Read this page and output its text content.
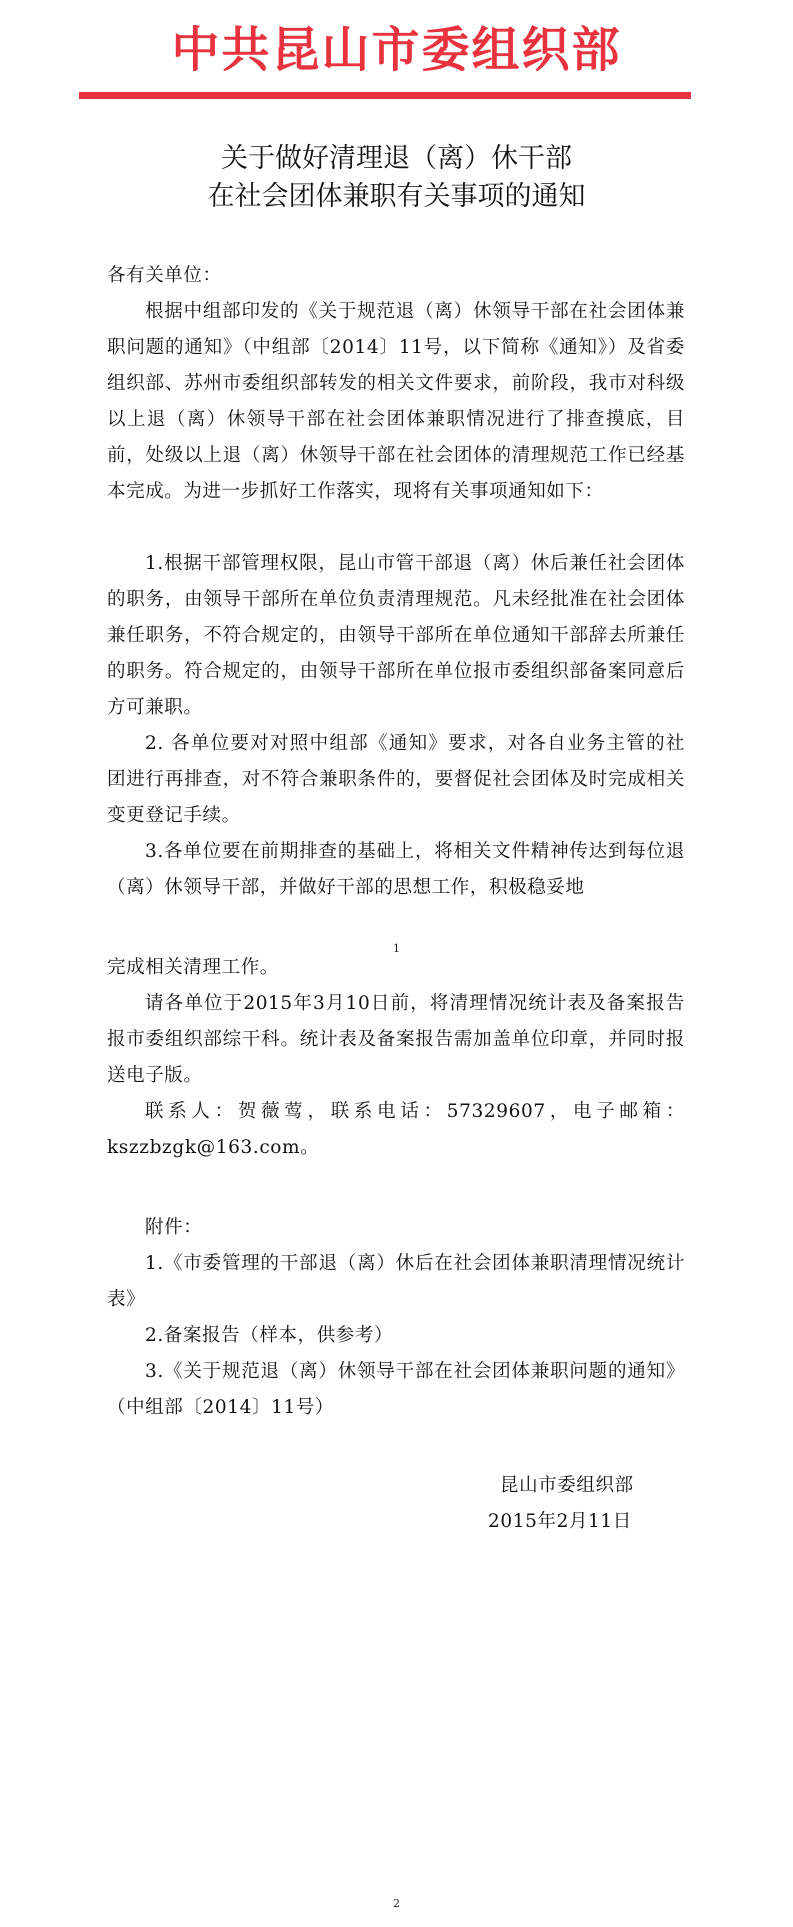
中共昆山市委组织部
关于做好清理退（离）休干部
在社会团体兼职有关事项的通知
各有关单位：
根据中组部印发的《关于规范退（离）休领导干部在社会团体兼职问题的通知》（中组部〔2014〕11号，以下简称《通知》）及省委组织部、苏州市委组织部转发的相关文件要求，前阶段，我市对科级以上退（离）休领导干部在社会团体兼职情况进行了排查摸底，目前，处级以上退（离）休领导干部在社会团体的清理规范工作已经基本完成。为进一步抓好工作落实，现将有关事项通知如下：
1.根据干部管理权限，昆山市管干部退（离）休后兼任社会团体的职务，由领导干部所在单位负责清理规范。凡未经批准在社会团体兼任职务，不符合规定的，由领导干部所在单位通知干部辞去所兼任的职务。符合规定的，由领导干部所在单位报市委组织部备案同意后方可兼职。
2. 各单位要对对照中组部《通知》要求，对各自业务主管的社团进行再排查，对不符合兼职条件的，要督促社会团体及时完成相关变更登记手续。
3.各单位要在前期排查的基础上，将相关文件精神传达到每位退（离）休领导干部，并做好干部的思想工作，积极稳妥地
1
完成相关清理工作。
请各单位于2015年3月10日前，将清理情况统计表及备案报告报市委组织部综干科。统计表及备案报告需加盖单位印章，并同时报送电子版。
联系人：贺薇莺，联系电话：57329607，电子邮箱：kszzbzgk@163.com。
附件：
1.《市委管理的干部退（离）休后在社会团体兼职清理情况统计表》
2.备案报告（样本，供参考）
3.《关于规范退（离）休领导干部在社会团体兼职问题的通知》（中组部〔2014〕11号）
昆山市委组织部
2015年2月11日
2
